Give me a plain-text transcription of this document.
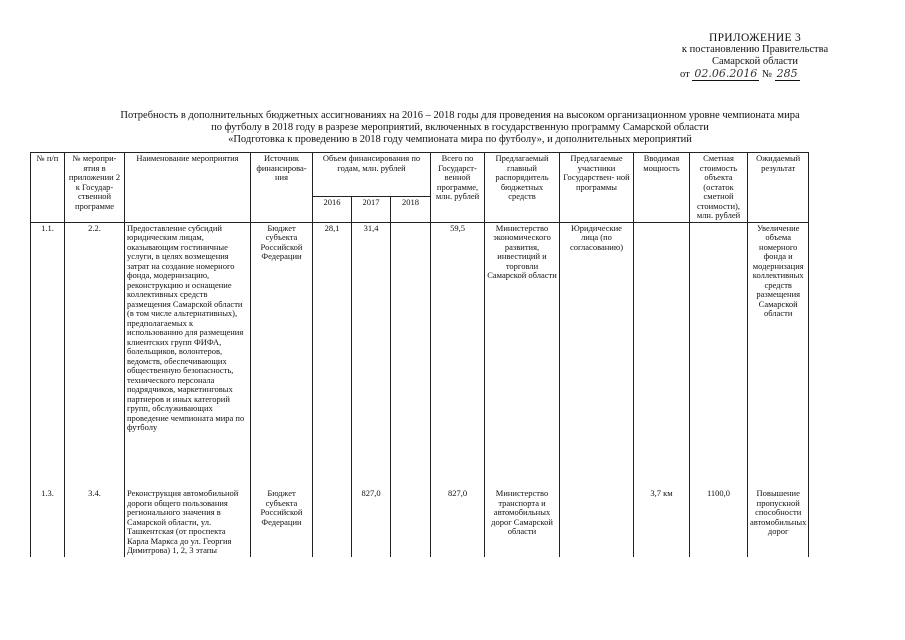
ПРИЛОЖЕНИЕ 3
к постановлению Правительства
Самарской области
от 02.06.2016 № 285
Потребность в дополнительных бюджетных ассигнованиях на 2016 – 2018 годы для проведения на высоком организационном уровне чемпионата мира
по футболу в 2018 году в разрезе мероприятий, включенных в государственную программу Самарской области
«Подготовка к проведению в 2018 году чемпионата мира по футболу», и дополнительных мероприятий
№ п/п	№ меропри- ятия в приложении 2 к Государ- ственной программе	Наименование мероприятия	Источник финансирова- ния	Объем финансирования по годам, млн. рублей			Всего по Государст- венной программе, млн. рублей	Предлагаемый главный распорядитель бюджетных средств	Предлагаемые участники Государствен- ной программы	Вводимая мощность	Сметная стоимость объекта (остаток сметной стоимости), млн. рублей	Ожидаемый результат
				2016	2017	2018						
1.1.	2.2.	Предоставление субсидий юридическим лицам, оказывающим гостиничные услуги, в целях возмещения затрат на создание номерного фонда, модернизацию, реконструкцию и оснащение коллективных средств размещения Самарской области (в том числе альтернативных), предполагаемых к использованию для размещения клиентских групп ФИФА, болельщиков, волонтеров, ведомств, обеспечивающих общественную безопасность, технического персонала подрядчиков, маркетинговых партнеров и иных категорий групп, обслуживающих проведение чемпионата мира по футболу	Бюджет субъекта Российской Федерации	28,1	31,4		59,5	Министерство экономического развития, инвестиций и торговли Самарской области	Юридические лица (по согласованию)			Увеличение объема номерного фонда и модернизация коллективных средств размещения Самарской области
1.3.	3.4.	Реконструкция автомобильной дороги общего пользования регионального значения в Самарской области, ул. Ташкентская (от проспекта Карла Маркса до ул. Георгия Димитрова) 1, 2, 3 этапы	Бюджет субъекта Российской Федерации		827,0		827,0	Министерство транспорта и автомобильных дорог Самарской области		3,7 км	1100,0	Повышение пропускной способности автомобильных дорог
